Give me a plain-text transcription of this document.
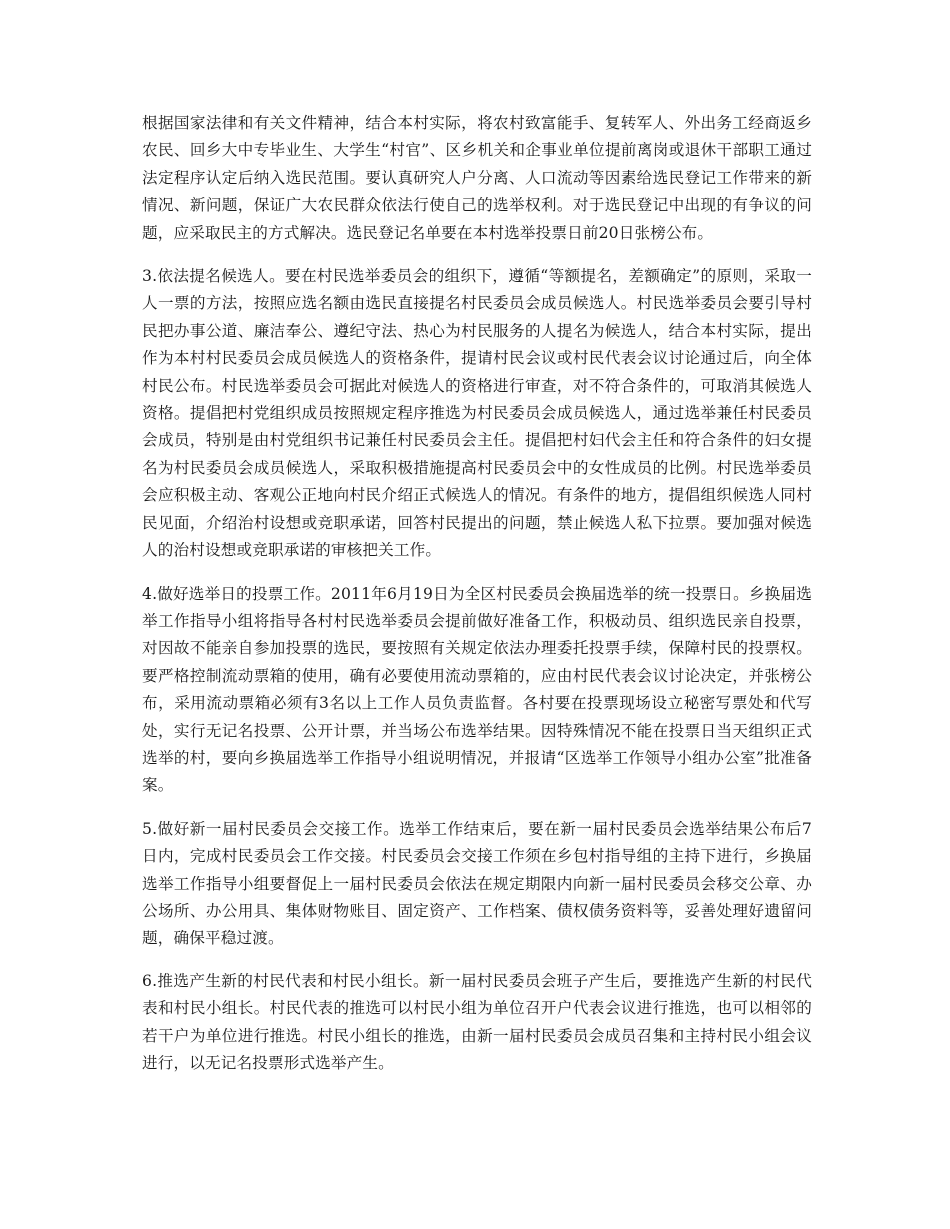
根据国家法律和有关文件精神，结合本村实际，将农村致富能手、复转军人、外出务工经商返乡农民、回乡大中专毕业生、大学生“村官”、区乡机关和企事业单位提前离岗或退休干部职工通过法定程序认定后纳入选民范围。要认真研究人户分离、人口流动等因素给选民登记工作带来的新情况、新问题，保证广大农民群众依法行使自己的选举权利。对于选民登记中出现的有争议的问题，应采取民主的方式解决。选民登记名单要在本村选举投票日前20日张榜公布。

3.依法提名候选人。要在村民选举委员会的组织下，遵循“等额提名，差额确定”的原则，采取一人一票的方法，按照应选名额由选民直接提名村民委员会成员候选人。村民选举委员会要引导村民把办事公道、廉洁奉公、遵纪守法、热心为村民服务的人提名为候选人，结合本村实际，提出作为本村村民委员会成员候选人的资格条件，提请村民会议或村民代表会议讨论通过后，向全体村民公布。村民选举委员会可据此对候选人的资格进行审查，对不符合条件的，可取消其候选人资格。提倡把村党组织成员按照规定程序推选为村民委员会成员候选人，通过选举兼任村民委员会成员，特别是由村党组织书记兼任村民委员会主任。提倡把村妇代会主任和符合条件的妇女提名为村民委员会成员候选人，采取积极措施提高村民委员会中的女性成员的比例。村民选举委员会应积极主动、客观公正地向村民介绍正式候选人的情况。有条件的地方，提倡组织候选人同村民见面，介绍治村设想或竞职承诺，回答村民提出的问题，禁止候选人私下拉票。要加强对候选人的治村设想或竞职承诺的审核把关工作。

4.做好选举日的投票工作。2011年6月19日为全区村民委员会换届选举的统一投票日。乡换届选举工作指导小组将指导各村村民选举委员会提前做好准备工作，积极动员、组织选民亲自投票，对因故不能亲自参加投票的选民，要按照有关规定依法办理委托投票手续，保障村民的投票权。要严格控制流动票箱的使用，确有必要使用流动票箱的，应由村民代表会议讨论决定，并张榜公布，采用流动票箱必须有3名以上工作人员负责监督。各村要在投票现场设立秘密写票处和代写处，实行无记名投票、公开计票，并当场公布选举结果。因特殊情况不能在投票日当天组织正式选举的村，要向乡换届选举工作指导小组说明情况，并报请“区选举工作领导小组办公室”批准备案。

5.做好新一届村民委员会交接工作。选举工作结束后，要在新一届村民委员会选举结果公布后7日内，完成村民委员会工作交接。村民委员会交接工作须在乡包村指导组的主持下进行，乡换届选举工作指导小组要督促上一届村民委员会依法在规定期限内向新一届村民委员会移交公章、办公场所、办公用具、集体财物账目、固定资产、工作档案、债权债务资料等，妥善处理好遗留问题，确保平稳过渡。

6.推选产生新的村民代表和村民小组长。新一届村民委员会班子产生后，要推选产生新的村民代表和村民小组长。村民代表的推选可以村民小组为单位召开户代表会议进行推选，也可以相邻的若干户为单位进行推选。村民小组长的推选，由新一届村民委员会成员召集和主持村民小组会议进行，以无记名投票形式选举产生。
